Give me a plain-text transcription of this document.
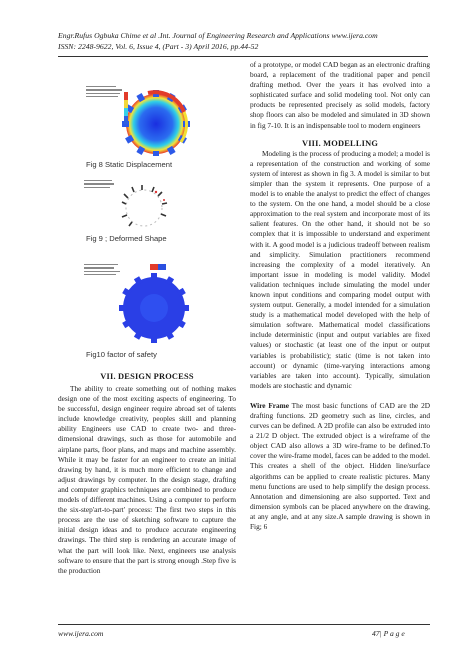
Engr.Rufus Ogbuka Chime et al .Int. Journal of Engineering Research and Applications www.ijera.com
ISSN: 2248-9622, Vol. 6, Issue 4, (Part - 3) April 2016, pp.44-52
Fig 8 Static Displacement
Fig 9 ; Deformed Shape
Fig10 factor of safety
VII. DESIGN PROCESS

The ability to create something out of nothing makes design one of the most exciting aspects of engineering. To be successful, design engineer require abroad set of talents include knowledge creativity, peoples skill and planning ability Engineers use CAD to create two- and three-dimensional drawings, such as those for automobile and airplane parts, floor plans, and maps and machine assembly. While it may be faster for an engineer to create an initial drawing by hand, it is much more efficient to change and adjust drawings by computer. In the design stage, drafting and computer graphics techniques are combined to produce models of different machines. Using a computer to perform the six-step'art-to-part' process: The first two steps in this process are the use of sketching software to capture the initial design ideas and to produce accurate engineering drawings. The third step is rendering an accurate image of what the part will look like. Next, engineers use analysis software to ensure that the part is strong enough .Step five is the production

of a prototype, or model CAD began as an electronic drafting board, a replacement of the traditional paper and pencil drafting method. Over the years it has evolved into a sophisticated surface and solid modeling tool. Not only can products be represented precisely as solid models, factory shop floors can also be modeled and simulated in 3D shown in fig 7-10. It is an indispensable tool to modern engineers

VIII. MODELLING

Modeling is the process of producing a model; a model is a representation of the construction and working of some system of interest as shown in fig 3. A model is similar to but simpler than the system it represents. One purpose of a model is to enable the analyst to predict the effect of changes to the system. On the one hand, a model should be a close approximation to the real system and incorporate most of its salient features. On the other hand, it should not be so complex that it is impossible to understand and experiment with it. A good model is a judicious tradeoff between realism and simplicity. Simulation practitioners recommend increasing the complexity of a model iteratively. An important issue in modeling is model validity. Model validation techniques include simulating the model under known input conditions and comparing model output with system output. Generally, a model intended for a simulation study is a mathematical model developed with the help of simulation software. Mathematical model classifications include deterministic (input and output variables are fixed values) or stochastic (at least one of the input or output variables is probabilistic); static (time is not taken into account) or dynamic (time-varying interactions among variables are taken into account). Typically, simulation models are stochastic and dynamic

Wire Frame The most basic functions of CAD are the 2D drafting functions. 2D geometry such as line, circles, and curves can be defined. A 2D profile can also be extruded into a 21/2 D object. The extruded object is a wireframe of the object CAD also allows a 3D wire-frame to be defined.To cover the wire-frame model, faces can be added to the model. This creates a shell of the object. Hidden line/surface algorithms can be applied to create realistic pictures. Many menu functions are used to help simplify the design process. Annotation and dimensioning are also supported. Text and dimension symbols can be placed anywhere on the drawing, at any angle, and at any size.A sample drawing is shown in Fig; 6

www.ijera.com	47| P a g e
